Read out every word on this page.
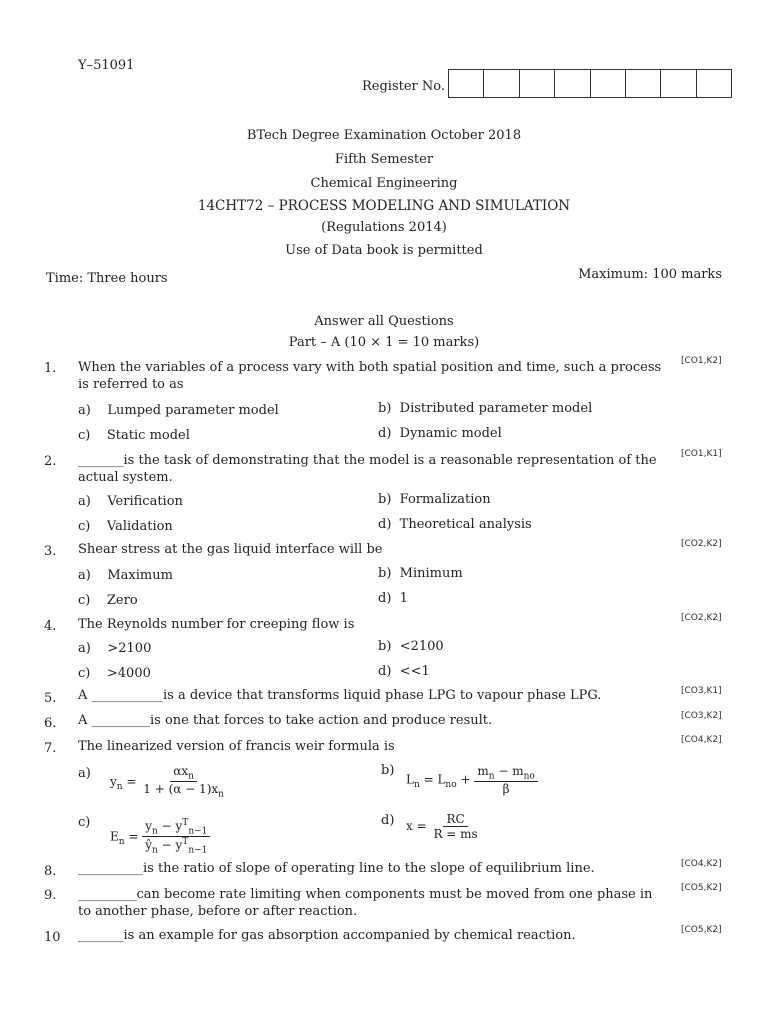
Y–51091
Register No.
BTech Degree Examination October 2018
Fifth Semester
Chemical Engineering
14CHT72 – PROCESS MODELING AND SIMULATION
(Regulations 2014)
Use of Data book is permitted
Time: Three hours	Maximum: 100 marks
Answer all Questions
Part – A (10 × 1 = 10 marks)
1. When the variables of a process vary with both spatial position and time, such a process is referred to as
[CO1,K2]
a) Lumped parameter model	b) Distributed parameter model
c) Static model	d) Dynamic model
2. _______is the task of demonstrating that the model is a reasonable representation of the actual system.
[CO1,K1]
a) Verification	b) Formalization
c) Validation	d) Theoretical analysis
3. Shear stress at the gas liquid interface will be	[CO2,K2]
a) Maximum	b) Minimum
c) Zero	d) 1
4. The Reynolds number for creeping flow is	[CO2,K2]
a) >2100	b) <2100
c) >4000	d) <<1
5. A ___________is a device that transforms liquid phase LPG to vapour phase LPG.	[CO3,K1]
6. A _________is one that forces to take action and produce result.	[CO3,K2]
7. The linearized version of francis weir formula is	[CO4,K2]
a)
$y_n = \frac{\alpha x_n}{1 + (\alpha - 1)x_n}$	b)
$L_n = L_{no} + \frac{m_n - m_{no}}{\beta}$
c)
$E_n = \frac{y_n - y^T_{n-1}}{ŷ_n - y^T_{n-1}}$	d) $x = \frac{RC}{R = ms}$
8. __________is the ratio of slope of operating line to the slope of equilibrium line.	[CO4,K2]
9. _________can become rate limiting when components must be moved from one phase in to another phase, before or after reaction.
[CO5,K2]
10 _______is an example for gas absorption accompanied by chemical reaction.	[CO5,K2]
